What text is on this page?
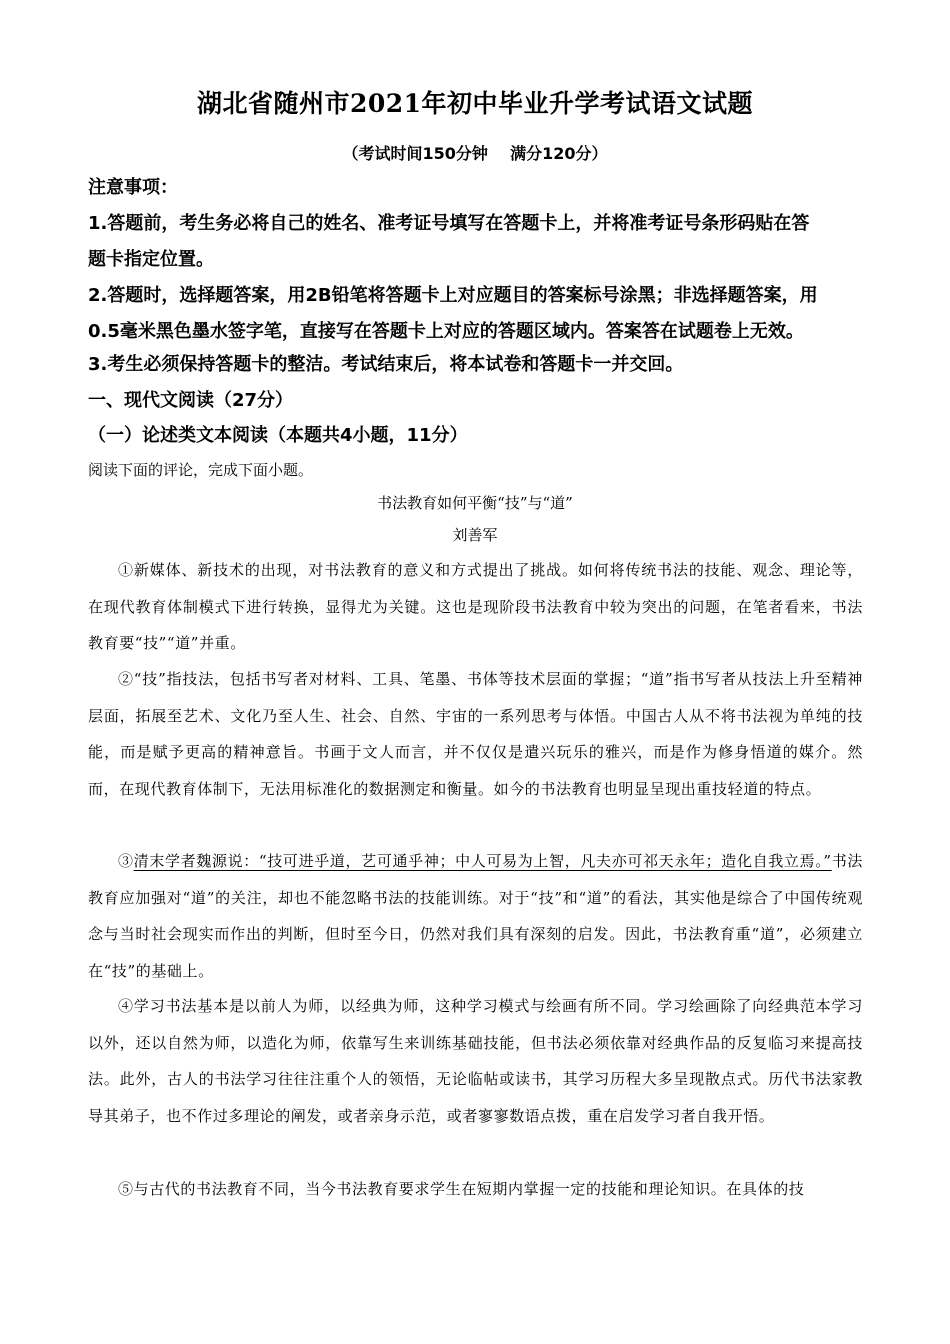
湖北省随州市2021年初中毕业升学考试语文试题
（考试时间150分钟    满分120分）
注意事项：
1.答题前，考生务必将自己的姓名、准考证号填写在答题卡上，并将准考证号条形码贴在答
题卡指定位置。
2.答题时，选择题答案，用2B铅笔将答题卡上对应题目的答案标号涂黑；非选择题答案，用
0.5毫米黑色墨水签字笔，直接写在答题卡上对应的答题区域内。答案答在试题卷上无效。
3.考生必须保持答题卡的整洁。考试结束后，将本试卷和答题卡一并交回。
一、现代文阅读（27分）
（一）论述类文本阅读（本题共4小题，11分）
阅读下面的评论，完成下面小题。
书法教育如何平衡“技”与“道”
刘善军
①新媒体、新技术的出现，对书法教育的意义和方式提出了挑战。如何将传统书法的技能、观念、理论等，在现代教育体制模式下进行转换，显得尤为关键。这也是现阶段书法教育中较为突出的问题，在笔者看来，书法教育要“技”“道”并重。
②“技”指技法，包括书写者对材料、工具、笔墨、书体等技术层面的掌握；“道”指书写者从技法上升至精神层面，拓展至艺术、文化乃至人生、社会、自然、宇宙的一系列思考与体悟。中国古人从不将书法视为单纯的技能，而是赋予更高的精神意旨。书画于文人而言，并不仅仅是遣兴玩乐的雅兴，而是作为修身悟道的媒介。然而，在现代教育体制下，无法用标准化的数据测定和衡量。如今的书法教育也明显呈现出重技轻道的特点。
③清末学者魏源说：“技可进乎道，艺可通乎神；中人可易为上智，凡夫亦可祁天永年；造化自我立焉。”书法教育应加强对“道”的关注，却也不能忽略书法的技能训练。对于“技”和“道”的看法，其实他是综合了中国传统观念与当时社会现实而作出的判断，但时至今日，仍然对我们具有深刻的启发。因此，书法教育重“道”，必须建立在“技”的基础上。
④学习书法基本是以前人为师，以经典为师，这种学习模式与绘画有所不同。学习绘画除了向经典范本学习以外，还以自然为师，以造化为师，依靠写生来训练基础技能，但书法必须依靠对经典作品的反复临习来提高技法。此外，古人的书法学习往往注重个人的领悟，无论临帖或读书，其学习历程大多呈现散点式。历代书法家教导其弟子，也不作过多理论的阐发，或者亲身示范，或者寥寥数语点拨，重在启发学习者自我开悟。
⑤与古代的书法教育不同，当今书法教育要求学生在短期内掌握一定的技能和理论知识。在具体的技
